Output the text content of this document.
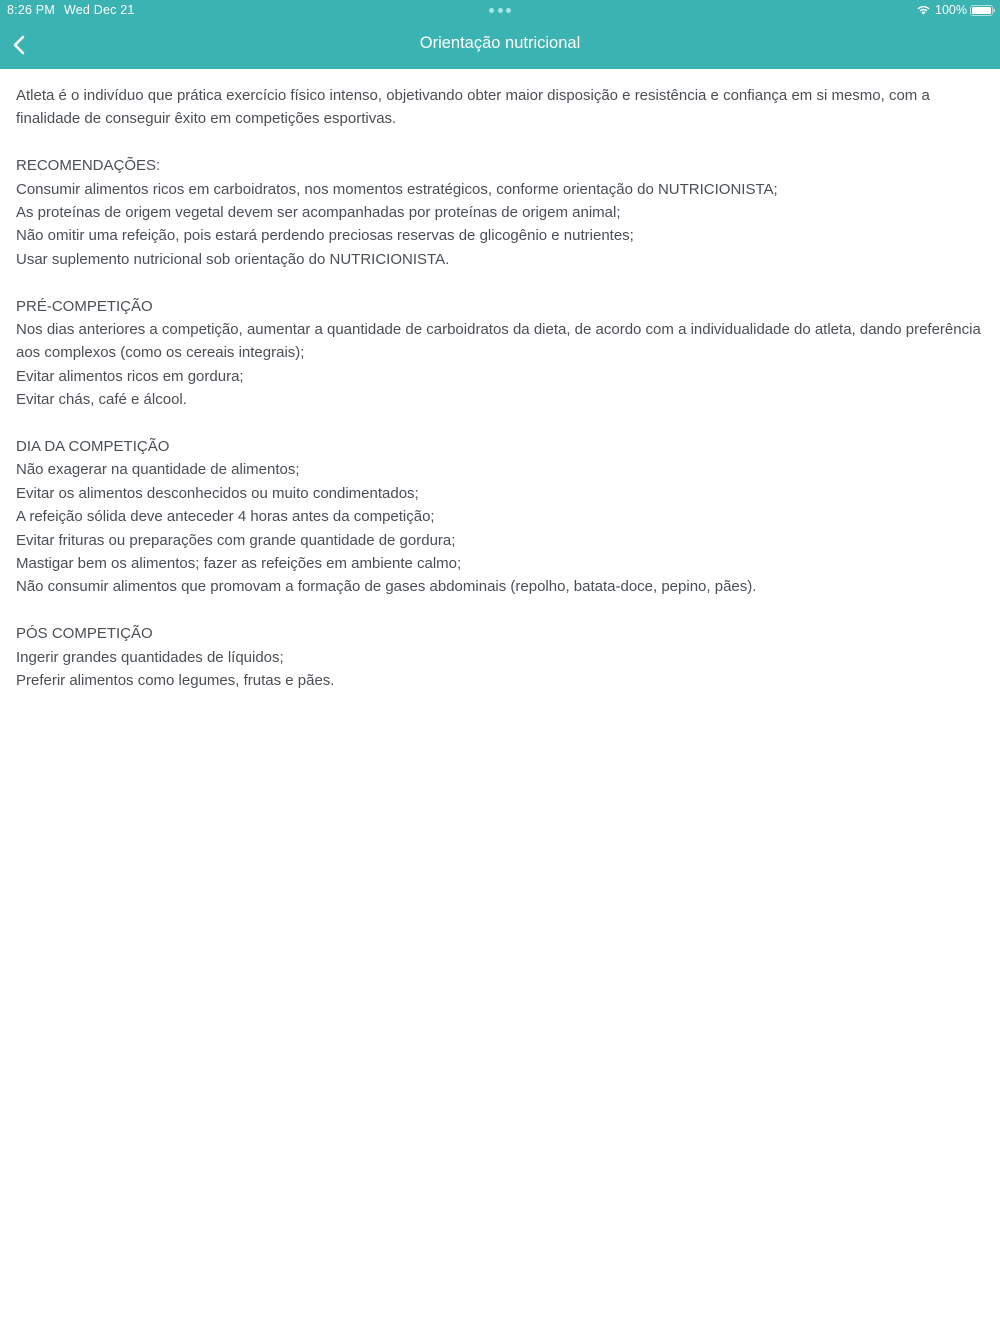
8:26 PM Wed Dec 21	100%
Orientação nutricional

Atleta é o indivíduo que prática exercício físico intenso, objetivando obter maior disposição e resistência e confiança em si mesmo, com a finalidade de conseguir êxito em competições esportivas.

RECOMENDAÇÕES:

Consumir alimentos ricos em carboidratos, nos momentos estratégicos, conforme orientação do NUTRICIONISTA;

As proteínas de origem vegetal devem ser acompanhadas por proteínas de origem animal;

Não omitir uma refeição, pois estará perdendo preciosas reservas de glicogênio e nutrientes;

Usar suplemento nutricional sob orientação do NUTRICIONISTA.

PRÉ-COMPETIÇÃO

Nos dias anteriores a competição, aumentar a quantidade de carboidratos da dieta, de acordo com a individualidade do atleta, dando preferência aos complexos (como os cereais integrais);

Evitar alimentos ricos em gordura;

Evitar chás, café e álcool.

DIA DA COMPETIÇÃO

Não exagerar na quantidade de alimentos;

Evitar os alimentos desconhecidos ou muito condimentados;

A refeição sólida deve anteceder 4 horas antes da competição;

Evitar frituras ou preparações com grande quantidade de gordura;

Mastigar bem os alimentos; fazer as refeições em ambiente calmo;

Não consumir alimentos que promovam a formação de gases abdominais (repolho, batata-doce, pepino, pães).

PÓS COMPETIÇÃO

Ingerir grandes quantidades de líquidos;

Preferir alimentos como legumes, frutas e pães.
